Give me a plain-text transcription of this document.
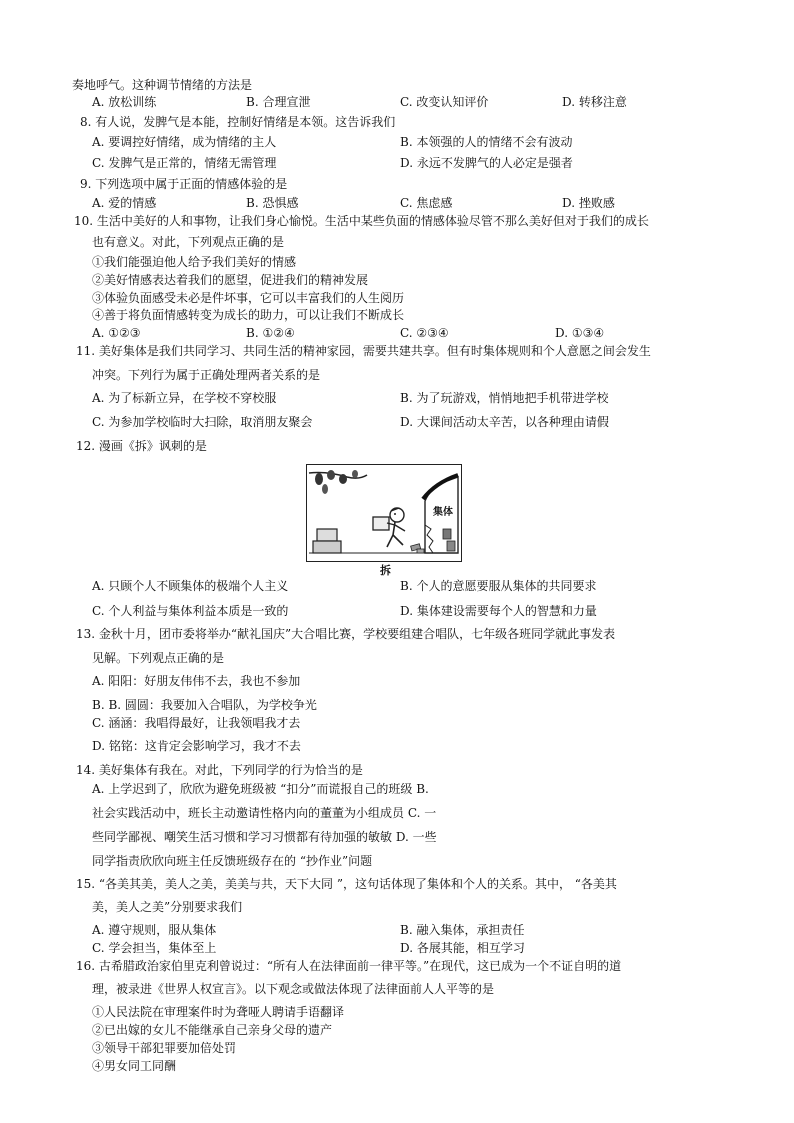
奏地呼气。这种调节情绪的方法是
A. 放松训练	B. 合理宣泄	C. 改变认知评价	D. 转移注意
8. 有人说，发脾气是本能，控制好情绪是本领。这告诉我们
A. 要调控好情绪，成为情绪的主人	B. 本领强的人的情绪不会有波动
C. 发脾气是正常的，情绪无需管理	D. 永远不发脾气的人必定是强者
9. 下列选项中属于正面的情感体验的是
A. 爱的情感	B. 恐惧感	C. 焦虑感	D. 挫败感
10. 生活中美好的人和事物，让我们身心愉悦。生活中某些负面的情感体验尽管不那么美好但对于我们的成长
也有意义。对此，下列观点正确的是
①我们能强迫他人给予我们美好的情感
②美好情感表达着我们的愿望，促进我们的精神发展
③体验负面感受未必是件坏事，它可以丰富我们的人生阅历
④善于将负面情感转变为成长的助力，可以让我们不断成长
A. ①②③	B. ①②④	C. ②③④	D. ①③④
11. 美好集体是我们共同学习、共同生活的精神家园，需要共建共享。但有时集体规则和个人意愿之间会发生
冲突。下列行为属于正确处理两者关系的是
A. 为了标新立异，在学校不穿校服	B. 为了玩游戏，悄悄地把手机带进学校
C. 为参加学校临时大扫除，取消朋友聚会	D. 大课间活动太辛苦，以各种理由请假
12. 漫画《拆》讽刺的是
集体
拆
A. 只顾个人不顾集体的极端个人主义	B. 个人的意愿要服从集体的共同要求
C. 个人利益与集体利益本质是一致的	D. 集体建设需要每个人的智慧和力量
13. 金秋十月，团市委将举办“献礼国庆”大合唱比赛，学校要组建合唱队，七年级各班同学就此事发表
见解。下列观点正确的是
A. 阳阳：好朋友伟伟不去，我也不参加
B. B. 圆圆：我要加入合唱队，为学校争光
C. 涵涵：我唱得最好，让我领唱我才去
D. 铭铭：这肯定会影响学习，我才不去
14. 美好集体有我在。对此，下列同学的行为恰当的是
A. 上学迟到了，欣欣为避免班级被 “扣分”而谎报自己的班级 B.
社会实践活动中，班长主动邀请性格内向的董董为小组成员 C. 一
些同学鄙视、嘲笑生活习惯和学习习惯都有待加强的敏敏 D. 一些
同学指责欣欣向班主任反馈班级存在的 “抄作业”问题
15. “各美其美，美人之美，美美与共，天下大同 ”，这句话体现了集体和个人的关系。其中， “各美其
美，美人之美”分别要求我们
A. 遵守规则，服从集体	B. 融入集体，承担责任
C. 学会担当，集体至上	D. 各展其能，相互学习
16. 古希腊政治家伯里克利曾说过：“所有人在法律面前一律平等。”在现代，这已成为一个不证自明的道
理，被录进《世界人权宣言》。以下观念或做法体现了法律面前人人平等的是
①人民法院在审理案件时为聋哑人聘请手语翻译
②已出嫁的女儿不能继承自己亲身父母的遗产
③领导干部犯罪要加倍处罚
④男女同工同酬
